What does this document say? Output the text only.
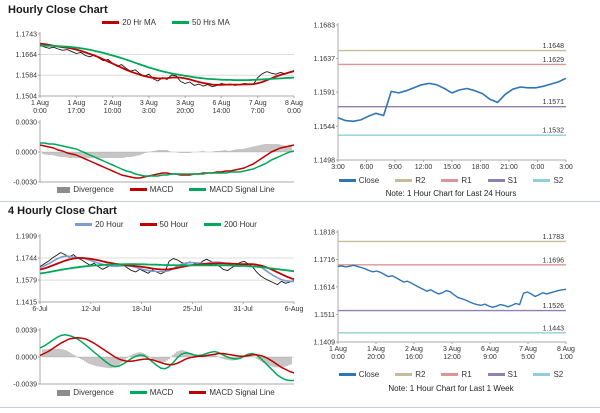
Hourly Close Chart
20 Hr MA	50 Hrs MA
1.1743
1.1664
1.1584
1.1504
1 Aug
0:00
1 Aug
17:00
2 Aug
10:00
3 Aug
3:00
3 Aug
20:00
6 Aug
14:00
7 Aug
7:00
8 Aug
0:00
0.0030
0.0000
-0.0030
Divergence	MACD	MACD Signal Line
1.1683
1.1637
1.1591
1.1544
1.1498
3:00 6:00 9:00 12:00 15:00 18:00 21:00 0:00 3:00
1.1648
1.1629
1.1571
1.1532
Close	R2	R1	S1	S2
Note: 1 Hour Chart for Last 24 Hours
4 Hourly Close Chart
20 Hour	50 Hour	200 Hour
1.1909
1.1744
1.1579
1.1415
6-Jul	12-Jul	18-Jul	25-Jul	31-Jul	6-Aug
0.0039
0.0000
-0.0039
Divergence	MACD	MACD Signal Line
1.1818
1.1716
1.1614
1.1511
1.1409
1 Aug
0:00
1 Aug
20:00
2 Aug
16:00
3 Aug
12:00
6 Aug
9:00
7 Aug
5:00
8 Aug
1:00
1.1783
1.1696
1.1526
1.1443
Close	R2	R1	S1	S2
Note: 1 Hour Chart for Last 1 Week
